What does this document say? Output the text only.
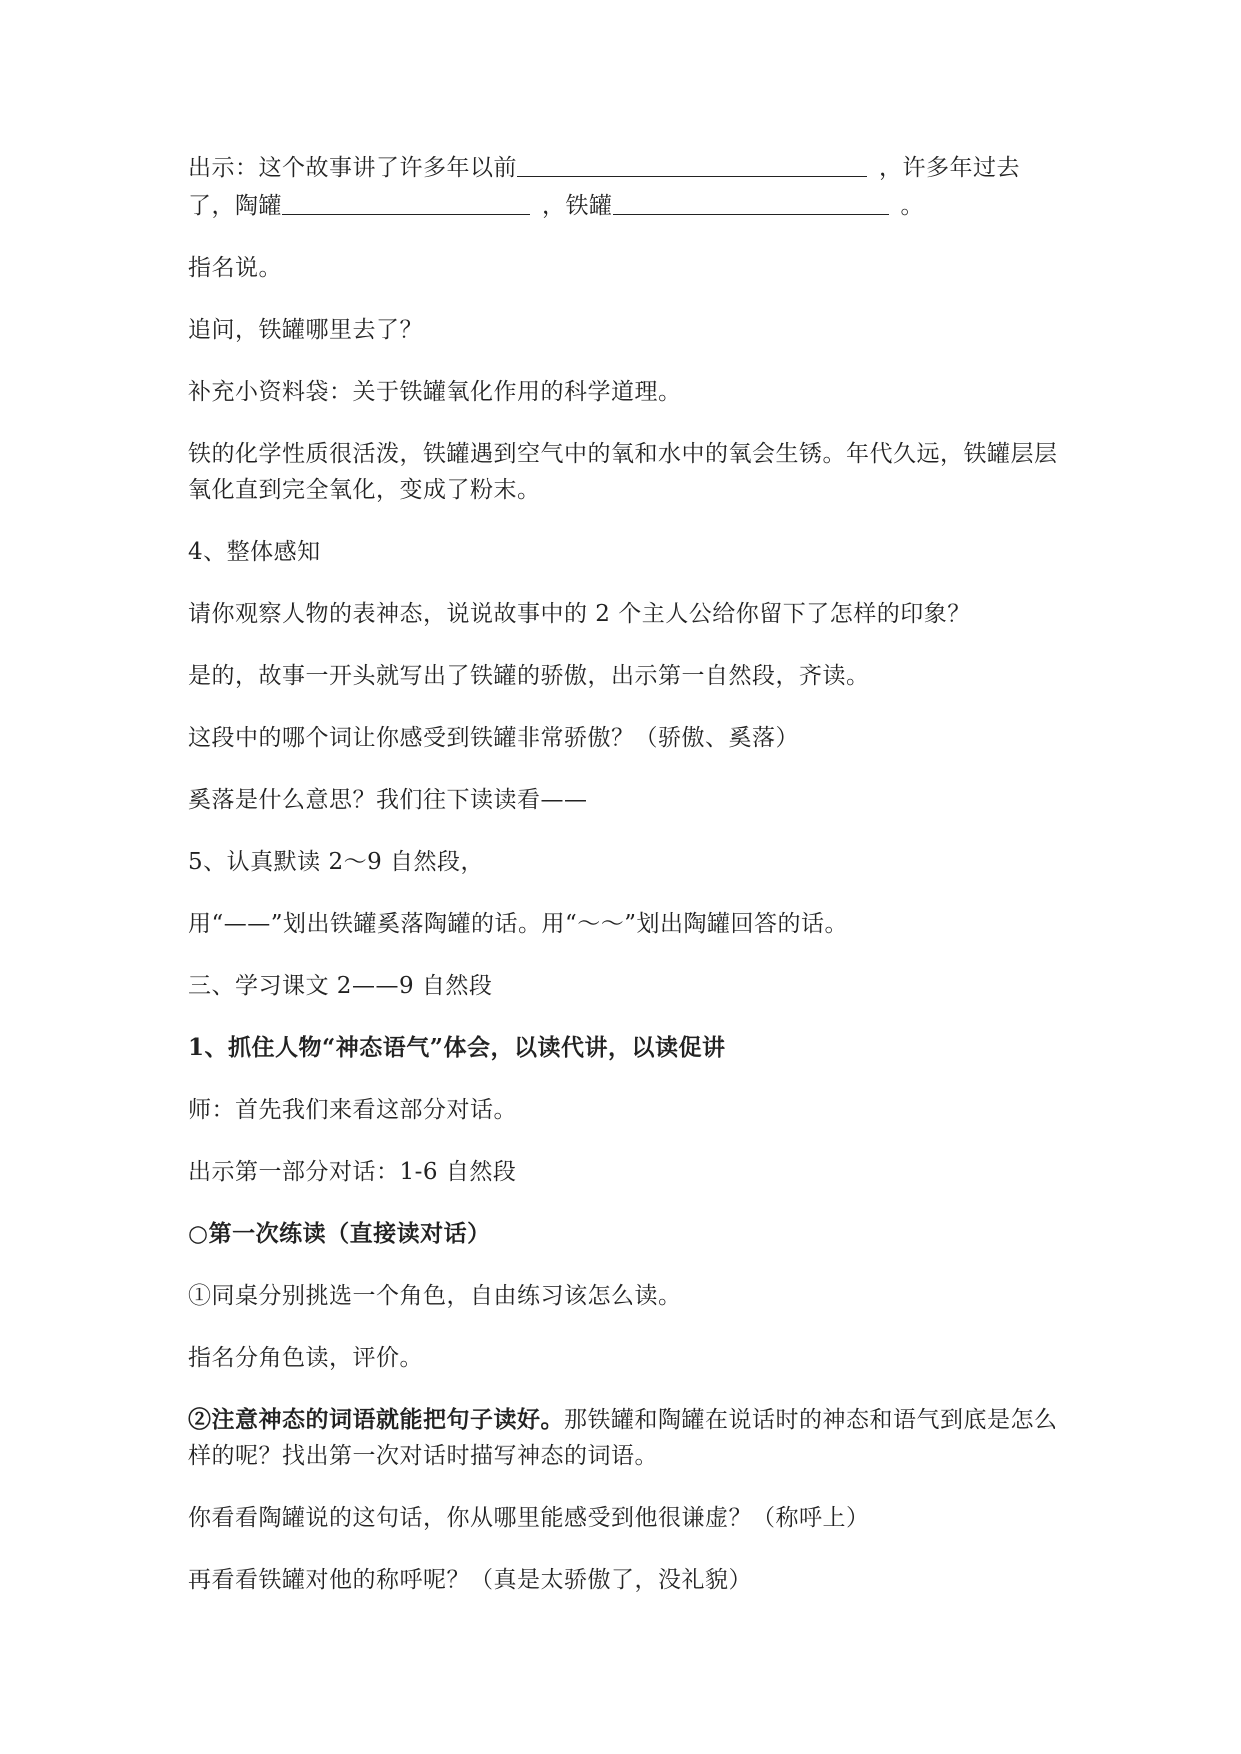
出示：这个故事讲了许多年以前	，许多年过去了，陶罐	，铁罐	。

指名说。

追问，铁罐哪里去了？

补充小资料袋：关于铁罐氧化作用的科学道理。

铁的化学性质很活泼，铁罐遇到空气中的氧和水中的氧会生锈。年代久远，铁罐层层氧化直到完全氧化，变成了粉末。

4、整体感知

请你观察人物的表神态，说说故事中的 2 个主人公给你留下了怎样的印象？

是的，故事一开头就写出了铁罐的骄傲，出示第一自然段，齐读。

这段中的哪个词让你感受到铁罐非常骄傲？（骄傲、奚落）

奚落是什么意思？我们往下读读看——

5、认真默读 2～9 自然段，

用“——”划出铁罐奚落陶罐的话。用“～～”划出陶罐回答的话。

三、学习课文 2——9 自然段

1、抓住人物“神态语气”体会，以读代讲，以读促讲

师：首先我们来看这部分对话。

出示第一部分对话：1-6 自然段

○第一次练读（直接读对话）

①同桌分别挑选一个角色，自由练习该怎么读。

指名分角色读，评价。

②注意神态的词语就能把句子读好。那铁罐和陶罐在说话时的神态和语气到底是怎么样的呢？找出第一次对话时描写神态的词语。

你看看陶罐说的这句话，你从哪里能感受到他很谦虚？（称呼上）

再看看铁罐对他的称呼呢？（真是太骄傲了，没礼貌）
